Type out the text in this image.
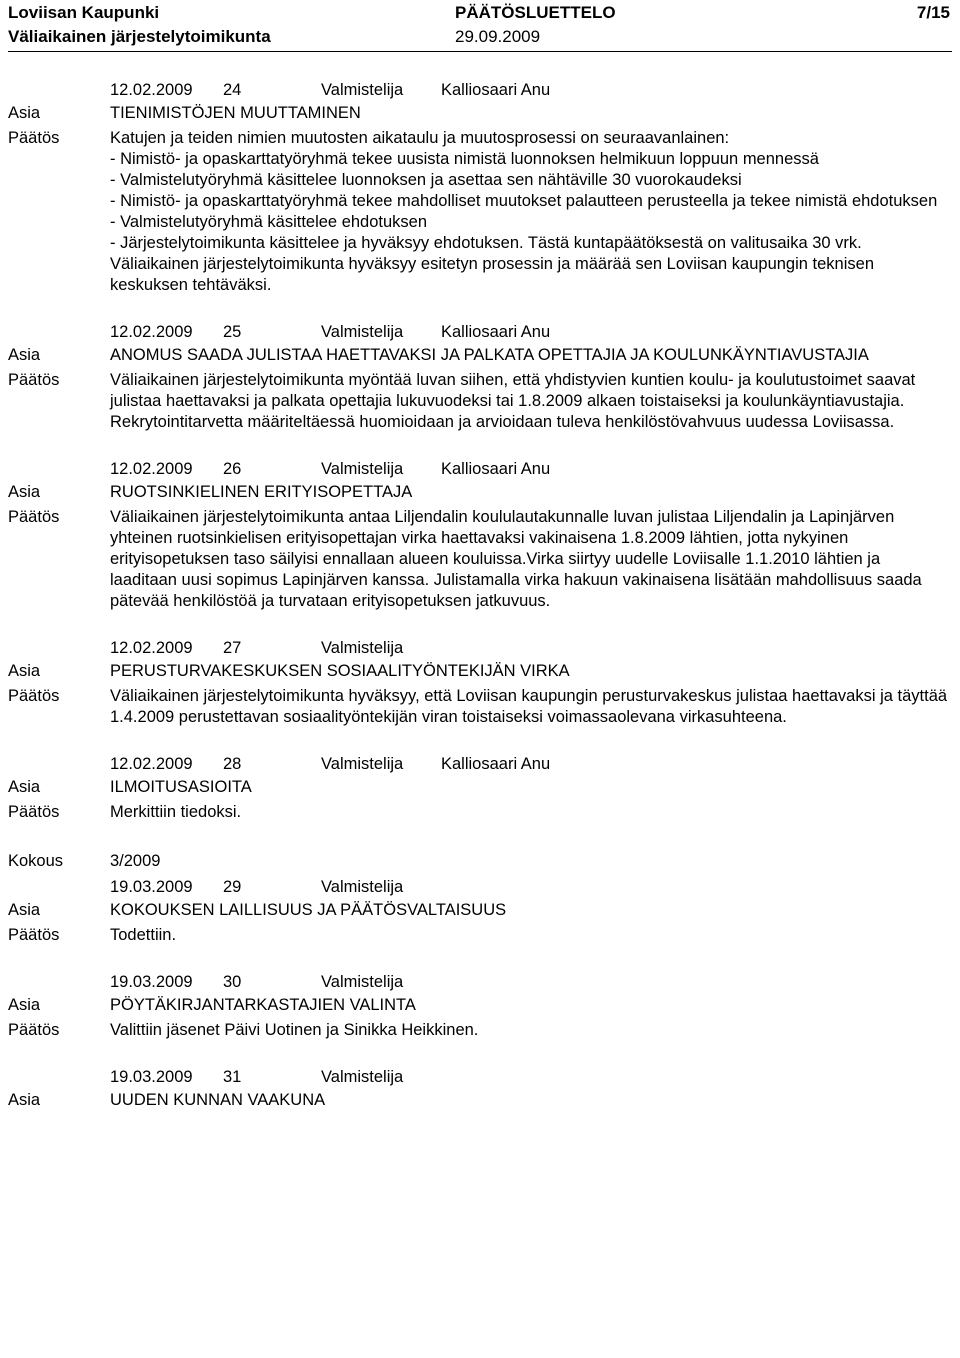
Loviisan Kaupunki	PÄÄTÖSLUETTELO	7/15
Väliaikainen järjestelytoimikunta	29.09.2009
12.02.2009 24	Valmistelija Kalliosaari Anu
Asia	TIENIMISTÖJEN MUUTTAMINEN
Päätös	Katujen ja teiden nimien muutosten aikataulu ja muutosprosessi on seuraavanlainen:
- Nimistö- ja opaskarttatyöryhmä tekee uusista nimistä luonnoksen helmikuun loppuun mennessä
- Valmistelutyöryhmä käsittelee luonnoksen ja asettaa sen nähtäville 30 vuorokaudeksi
- Nimistö- ja opaskarttatyöryhmä tekee mahdolliset muutokset palautteen perusteella ja tekee nimistä ehdotuksen
- Valmistelutyöryhmä käsittelee ehdotuksen
- Järjestelytoimikunta käsittelee ja hyväksyy ehdotuksen. Tästä kuntapäätöksestä on valitusaika 30 vrk.
Väliaikainen järjestelytoimikunta hyväksyy esitetyn prosessin ja määrää sen Loviisan kaupungin teknisen keskuksen tehtäväksi.
12.02.2009 25	Valmistelija Kalliosaari Anu
Asia	ANOMUS SAADA JULISTAA HAETTAVAKSI JA PALKATA OPETTAJIA JA KOULUNKÄYNTIAVUSTAJIA
Päätös	Väliaikainen järjestelytoimikunta myöntää luvan siihen, että yhdistyvien kuntien koulu- ja koulutustoimet saavat julistaa haettavaksi ja palkata opettajia lukuvuodeksi tai 1.8.2009 alkaen toistaiseksi ja koulunkäyntiavustajia. Rekrytointitarvetta määriteltäessä huomioidaan ja arvioidaan tuleva henkilöstövahvuus uudessa Loviisassa.
12.02.2009 26	Valmistelija Kalliosaari Anu
Asia	RUOTSINKIELINEN ERITYISOPETTAJA
Päätös	Väliaikainen järjestelytoimikunta antaa Liljendalin koululautakunnalle luvan julistaa Liljendalin ja Lapinjärven yhteinen ruotsinkielisen erityisopettajan virka haettavaksi vakinaisena 1.8.2009 lähtien, jotta nykyinen erityisopetuksen taso säilyisi ennallaan alueen kouluissa.Virka siirtyy uudelle Loviisalle 1.1.2010 lähtien ja laaditaan uusi sopimus Lapinjärven kanssa. Julistamalla virka hakuun vakinaisena lisätään mahdollisuus saada pätevää henkilöstöä ja turvataan erityisopetuksen jatkuvuus.
12.02.2009 27	Valmistelija
Asia	PERUSTURVAKESKUKSEN SOSIAALITYÖNTEKIJÄN VIRKA
Päätös	Väliaikainen järjestelytoimikunta hyväksyy, että Loviisan kaupungin perusturvakeskus julistaa haettavaksi ja täyttää 1.4.2009 perustettavan sosiaalityöntekijän viran toistaiseksi voimassaolevana virkasuhteena.
12.02.2009 28	Valmistelija Kalliosaari Anu
Asia	ILMOITUSASIOITA
Päätös	Merkittiin tiedoksi.
Kokous	3/2009
19.03.2009 29	Valmistelija
Asia	KOKOUKSEN LAILLISUUS JA PÄÄTÖSVALTAISUUS
Päätös	Todettiin.
19.03.2009 30	Valmistelija
Asia	PÖYTÄKIRJANTARKASTAJIEN VALINTA
Päätös	Valittiin jäsenet Päivi Uotinen ja Sinikka Heikkinen.
19.03.2009 31	Valmistelija
Asia	UUDEN KUNNAN VAAKUNA
